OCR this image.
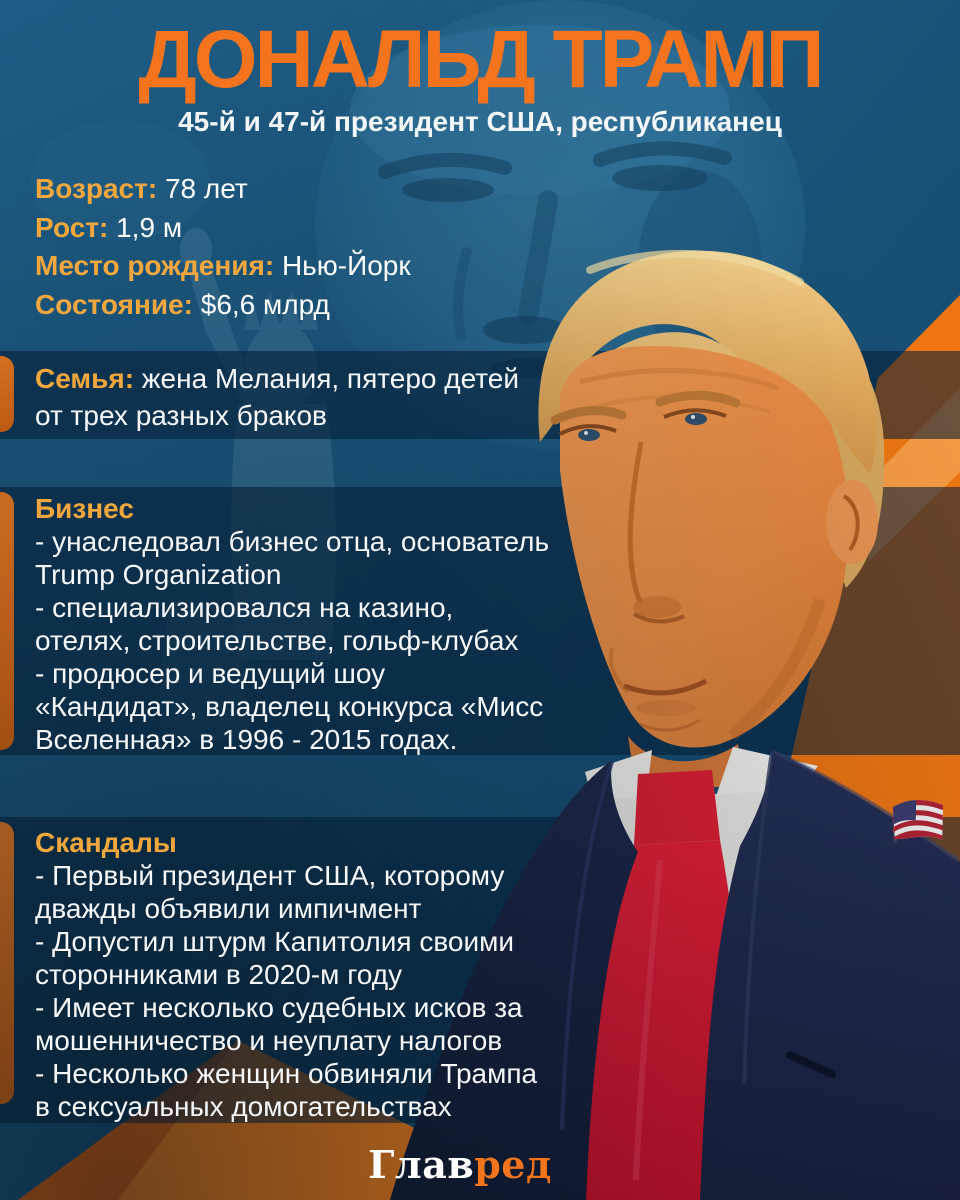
ДОНАЛЬД ТРАМП
45-й и 47-й президент США, республиканец
Возраст: 78 лет
Рост: 1,9 м
Место рождения: Нью-Йорк
Состояние: $6,6 млрд
Семья: жена Мелания, пятеро детей от трех разных браков
Бизнес
- унаследовал бизнес отца, основатель Trump Organization
- специализировался на казино, отелях, строительстве, гольф-клубах
- продюсер и ведущий шоу «Кандидат», владелец конкурса «Мисс Вселенная» в 1996 - 2015 годах.
Скандалы
- Первый президент США, которому дважды объявили импичмент
- Допустил штурм Капитолия своими сторонниками в 2020-м году
- Имеет несколько судебных исков за мошенничество и неуплату налогов
- Несколько женщин обвиняли Трампа в сексуальных домогательствах
Главред
